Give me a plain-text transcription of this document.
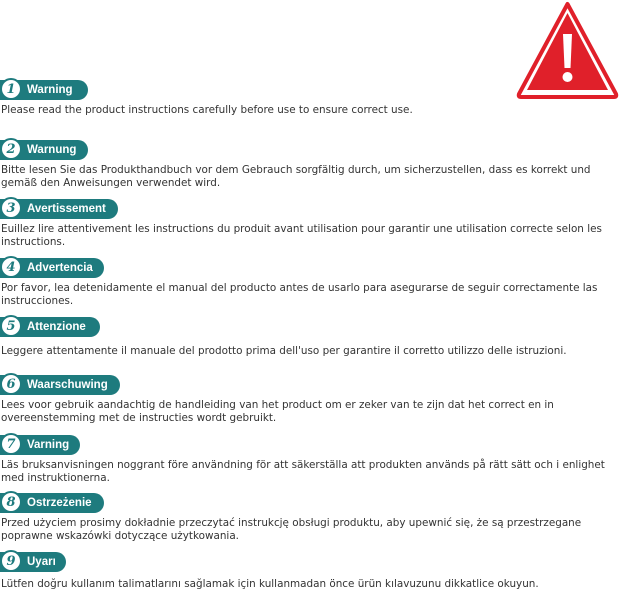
1 Warning
Please read the product instructions carefully before use to ensure correct use.
2 Warnung
Bitte lesen Sie das Produkthandbuch vor dem Gebrauch sorgfältig durch, um sicherzustellen, dass es korrekt und gemäß den Anweisungen verwendet wird.
3 Avertissement
Euillez lire attentivement les instructions du produit avant utilisation pour garantir une utilisation correcte selon les instructions.
4 Advertencia
Por favor, lea detenidamente el manual del producto antes de usarlo para asegurarse de seguir correctamente las instrucciones.
5 Attenzione
Leggere attentamente il manuale del prodotto prima dell'uso per garantire il corretto utilizzo delle istruzioni.
6 Waarschuwing
Lees voor gebruik aandachtig de handleiding van het product om er zeker van te zijn dat het correct en in overeenstemming met de instructies wordt gebruikt.
7 Varning
Läs bruksanvisningen noggrant före användning för att säkerställa att produkten används på rätt sätt och i enlighet med instruktionerna.
8 Ostrzeżenie
Przed użyciem prosimy dokładnie przeczytać instrukcję obsługi produktu, aby upewnić się, że są przestrzegane poprawne wskazówki dotyczące użytkowania.
9 Uyarı
Lütfen doğru kullanım talimatlarını sağlamak için kullanmadan önce ürün kılavuzunu dikkatlice okuyun.
